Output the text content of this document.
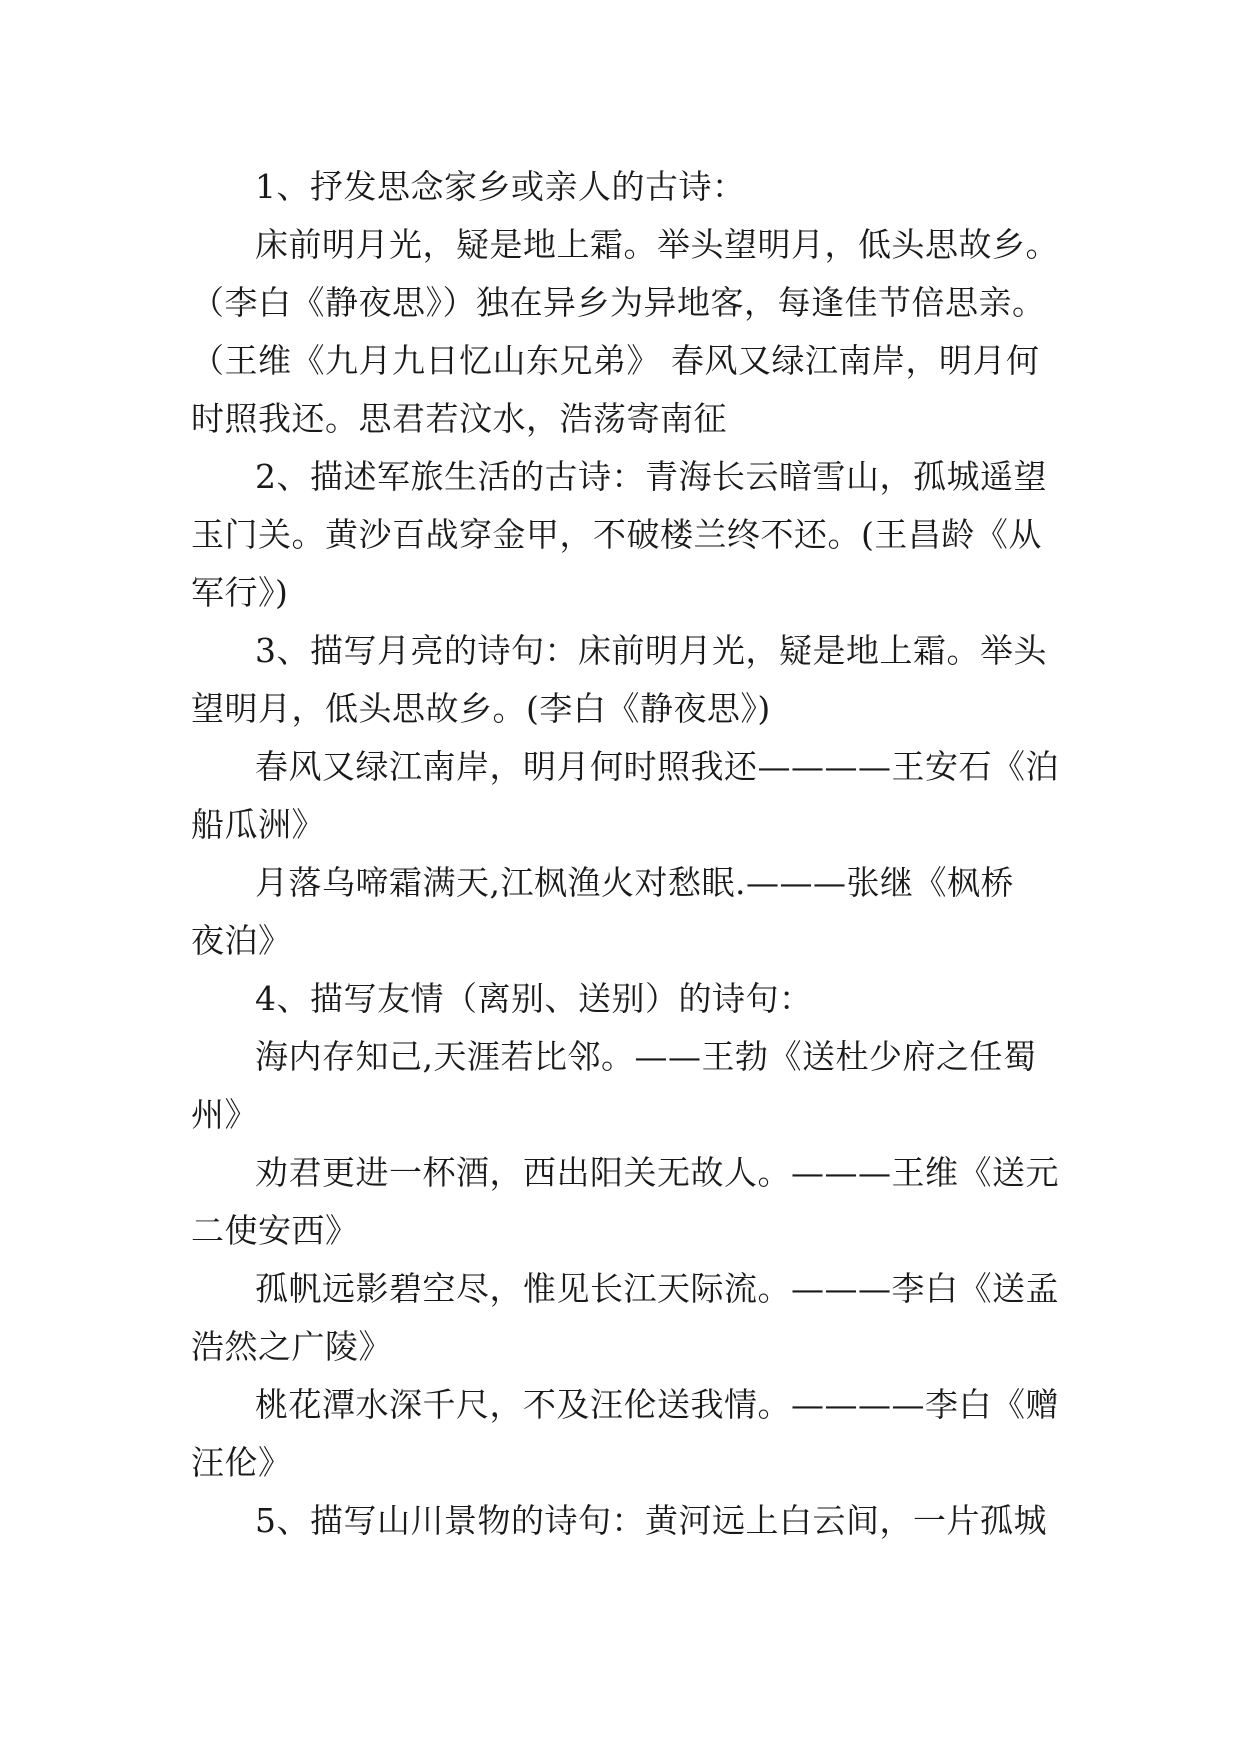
1、抒发思念家乡或亲人的古诗：
床前明月光，疑是地上霜。举头望明月，低头思故乡。
（李白《静夜思》）独在异乡为异地客，每逢佳节倍思亲。
（王维《九月九日忆山东兄弟》 春风又绿江南岸，明月何
时照我还。思君若汶水，浩荡寄南征
2、描述军旅生活的古诗：青海长云暗雪山，孤城遥望
玉门关。黄沙百战穿金甲，不破楼兰终不还。(王昌龄《从
军行》)
3、描写月亮的诗句：床前明月光，疑是地上霜。举头
望明月，低头思故乡。(李白《静夜思》)
春风又绿江南岸，明月何时照我还————王安石《泊
船瓜洲》
月落乌啼霜满天,江枫渔火对愁眠.———张继《枫桥
夜泊》
4、描写友情（离别、送别）的诗句：
海内存知己,天涯若比邻。——王勃《送杜少府之任蜀
州》
劝君更进一杯酒，西出阳关无故人。———王维《送元
二使安西》
孤帆远影碧空尽，惟见长江天际流。———李白《送孟
浩然之广陵》
桃花潭水深千尺，不及汪伦送我情。————李白《赠
汪伦》
5、描写山川景物的诗句：黄河远上白云间，一片孤城
